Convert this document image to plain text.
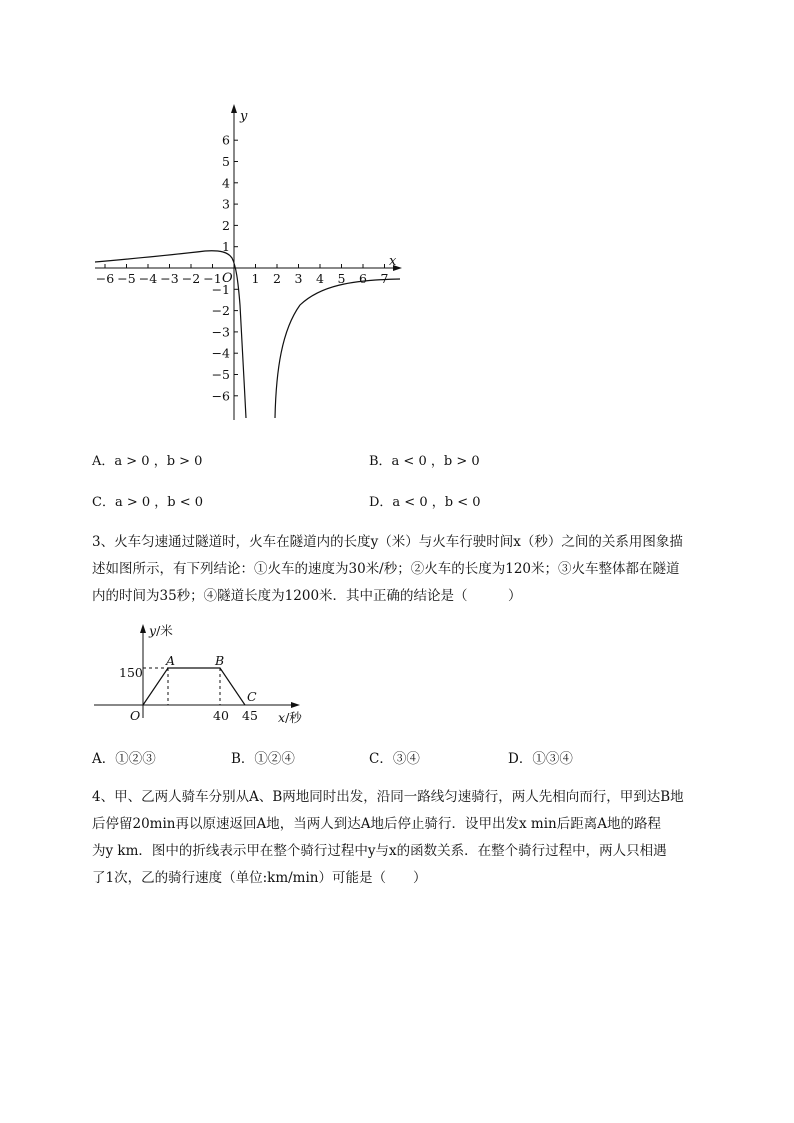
6
5
4
3
2
1
−1
−2
−3
−4
−5
−6
−6 −5 −4 −3 −2 −1 1 2 3 4 5 6 7
y
x
O
A．a > 0 ，b > 0	B．a < 0 ，b > 0
C．a > 0 ，b < 0	D．a < 0 ，b < 0
3、火车匀速通过隧道时，火车在隧道内的长度y（米）与火车行驶时间x（秒）之间的关系用图象描
述如图所示，有下列结论：①火车的速度为30米/秒；②火车的长度为120米；③火车整体都在隧道
内的时间为35秒；④隧道长度为1200米．其中正确的结论是（　　　）
y/米
150
A	B
C
O	40 45 x/秒
A．①②③	B．①②④	C．③④	D．①③④
4、甲、乙两人骑车分别从A、B两地同时出发，沿同一路线匀速骑行，两人先相向而行，甲到达B地
后停留20min再以原速返回A地，当两人到达A地后停止骑行．设甲出发x min后距离A地的路程
为y km．图中的折线表示甲在整个骑行过程中y与x的函数关系．在整个骑行过程中，两人只相遇
了1次，乙的骑行速度（单位:km/min）可能是（　　）
